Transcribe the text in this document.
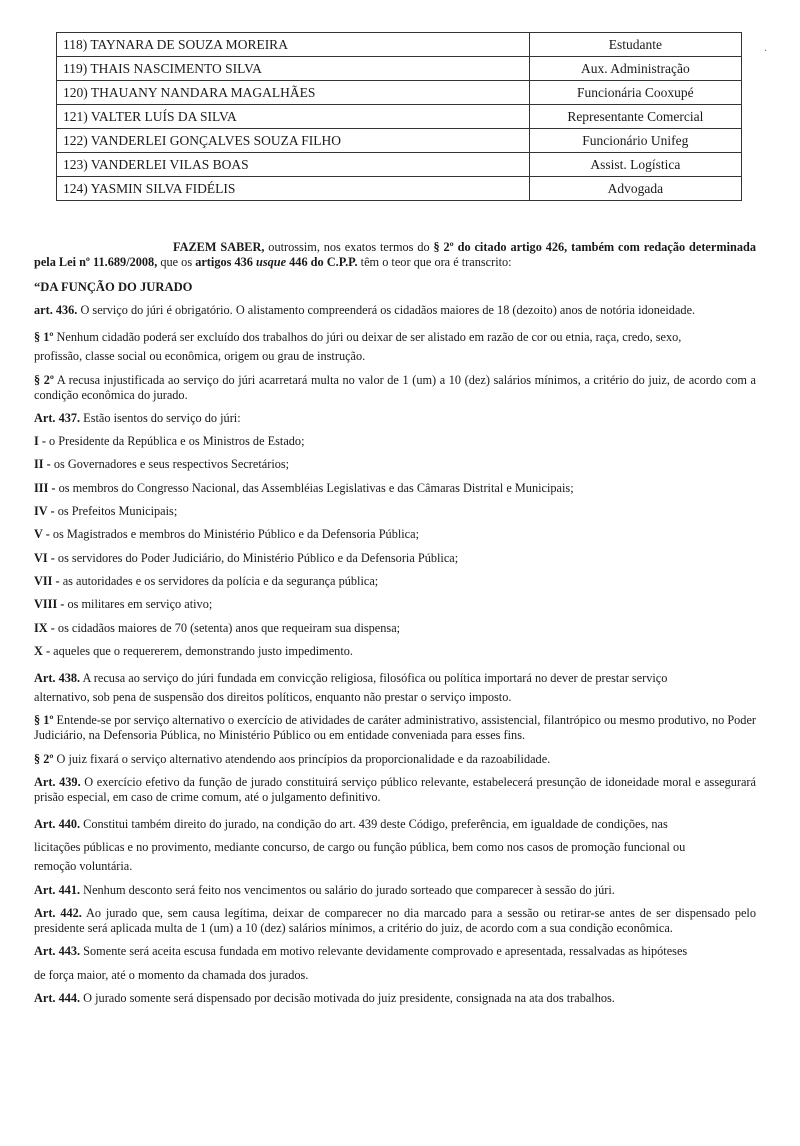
118) TAYNARA DE SOUZA MOREIRA	Estudante
119) THAIS NASCIMENTO SILVA	Aux. Administração
120) THAUANY NANDARA MAGALHÃES	Funcionária Cooxupé
121) VALTER LUÍS DA SILVA	Representante Comercial
122) VANDERLEI GONÇALVES SOUZA FILHO	Funcionário Unifeg
123) VANDERLEI VILAS BOAS	Assist. Logística
124) YASMIN SILVA FIDÉLIS	Advogada

FAZEM SABER, outrossim, nos exatos termos do § 2º do citado artigo 426, também com redação determinada pela Lei nº 11.689/2008, que os artigos 436 usque 446 do C.P.P. têm o teor que ora é transcrito:

“DA FUNÇÃO DO JURADO

art. 436. O serviço do júri é obrigatório. O alistamento compreenderá os cidadãos maiores de 18 (dezoito) anos de notória idoneidade.

§ 1º Nenhum cidadão poderá ser excluído dos trabalhos do júri ou deixar de ser alistado em razão de cor ou etnia, raça, credo, sexo,

profissão, classe social ou econômica, origem ou grau de instrução.

§ 2º A recusa injustificada ao serviço do júri acarretará multa no valor de 1 (um) a 10 (dez) salários mínimos, a critério do juiz, de acordo com a condição econômica do jurado.

Art. 437. Estão isentos do serviço do júri:

I - o Presidente da República e os Ministros de Estado;

II - os Governadores e seus respectivos Secretários;

III - os membros do Congresso Nacional, das Assembléias Legislativas e das Câmaras Distrital e Municipais;

IV - os Prefeitos Municipais;

V - os Magistrados e membros do Ministério Público e da Defensoria Pública;

VI - os servidores do Poder Judiciário, do Ministério Público e da Defensoria Pública;

VII - as autoridades e os servidores da polícia e da segurança pública;

VIII - os militares em serviço ativo;

IX - os cidadãos maiores de 70 (setenta) anos que requeiram sua dispensa;

X - aqueles que o requererem, demonstrando justo impedimento.

Art. 438. A recusa ao serviço do júri fundada em convicção religiosa, filosófica ou política importará no dever de prestar serviço

alternativo, sob pena de suspensão dos direitos políticos, enquanto não prestar o serviço imposto.

§ 1º Entende-se por serviço alternativo o exercício de atividades de caráter administrativo, assistencial, filantrópico ou mesmo produtivo, no Poder Judiciário, na Defensoria Pública, no Ministério Público ou em entidade conveniada para esses fins.

§ 2º O juiz fixará o serviço alternativo atendendo aos princípios da proporcionalidade e da razoabilidade.

Art. 439. O exercício efetivo da função de jurado constituirá serviço público relevante, estabelecerá presunção de idoneidade moral e assegurará prisão especial, em caso de crime comum, até o julgamento definitivo.

Art. 440. Constitui também direito do jurado, na condição do art. 439 deste Código, preferência, em igualdade de condições, nas

licitações públicas e no provimento, mediante concurso, de cargo ou função pública, bem como nos casos de promoção funcional ou

remoção voluntária.

Art. 441. Nenhum desconto será feito nos vencimentos ou salário do jurado sorteado que comparecer à sessão do júri.

Art. 442. Ao jurado que, sem causa legítima, deixar de comparecer no dia marcado para a sessão ou retirar-se antes de ser dispensado pelo presidente será aplicada multa de 1 (um) a 10 (dez) salários mínimos, a critério do juiz, de acordo com a sua condição econômica.

Art. 443. Somente será aceita escusa fundada em motivo relevante devidamente comprovado e apresentada, ressalvadas as hipóteses

de força maior, até o momento da chamada dos jurados.

Art. 444. O jurado somente será dispensado por decisão motivada do juiz presidente, consignada na ata dos trabalhos.

·
